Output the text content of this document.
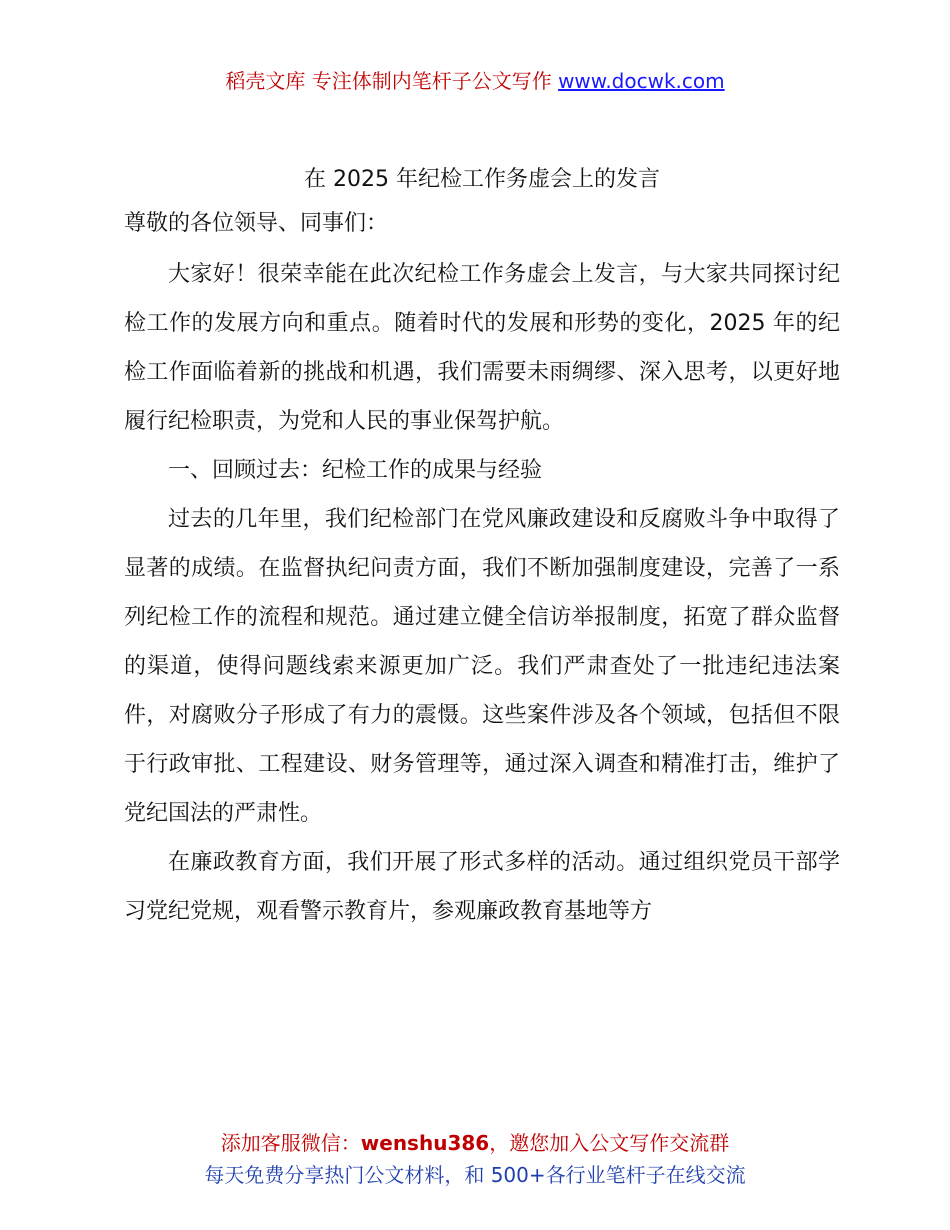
稻壳文库 专注体制内笔杆子公文写作 www.docwk.com
在 2025 年纪检工作务虚会上的发言
尊敬的各位领导、同事们：

大家好！很荣幸能在此次纪检工作务虚会上发言，与大家共同探讨纪检工作的发展方向和重点。随着时代的发展和形势的变化，2025 年的纪检工作面临着新的挑战和机遇，我们需要未雨绸缪、深入思考，以更好地履行纪检职责，为党和人民的事业保驾护航。

一、回顾过去：纪检工作的成果与经验

过去的几年里，我们纪检部门在党风廉政建设和反腐败斗争中取得了显著的成绩。在监督执纪问责方面，我们不断加强制度建设，完善了一系列纪检工作的流程和规范。通过建立健全信访举报制度，拓宽了群众监督的渠道，使得问题线索来源更加广泛。我们严肃查处了一批违纪违法案件，对腐败分子形成了有力的震慑。这些案件涉及各个领域，包括但不限于行政审批、工程建设、财务管理等，通过深入调查和精准打击，维护了党纪国法的严肃性。

在廉政教育方面，我们开展了形式多样的活动。通过组织党员干部学习党纪党规，观看警示教育片，参观廉政教育基地等方

添加客服微信：wenshu386，邀您加入公文写作交流群
每天免费分享热门公文材料，和 500+各行业笔杆子在线交流
